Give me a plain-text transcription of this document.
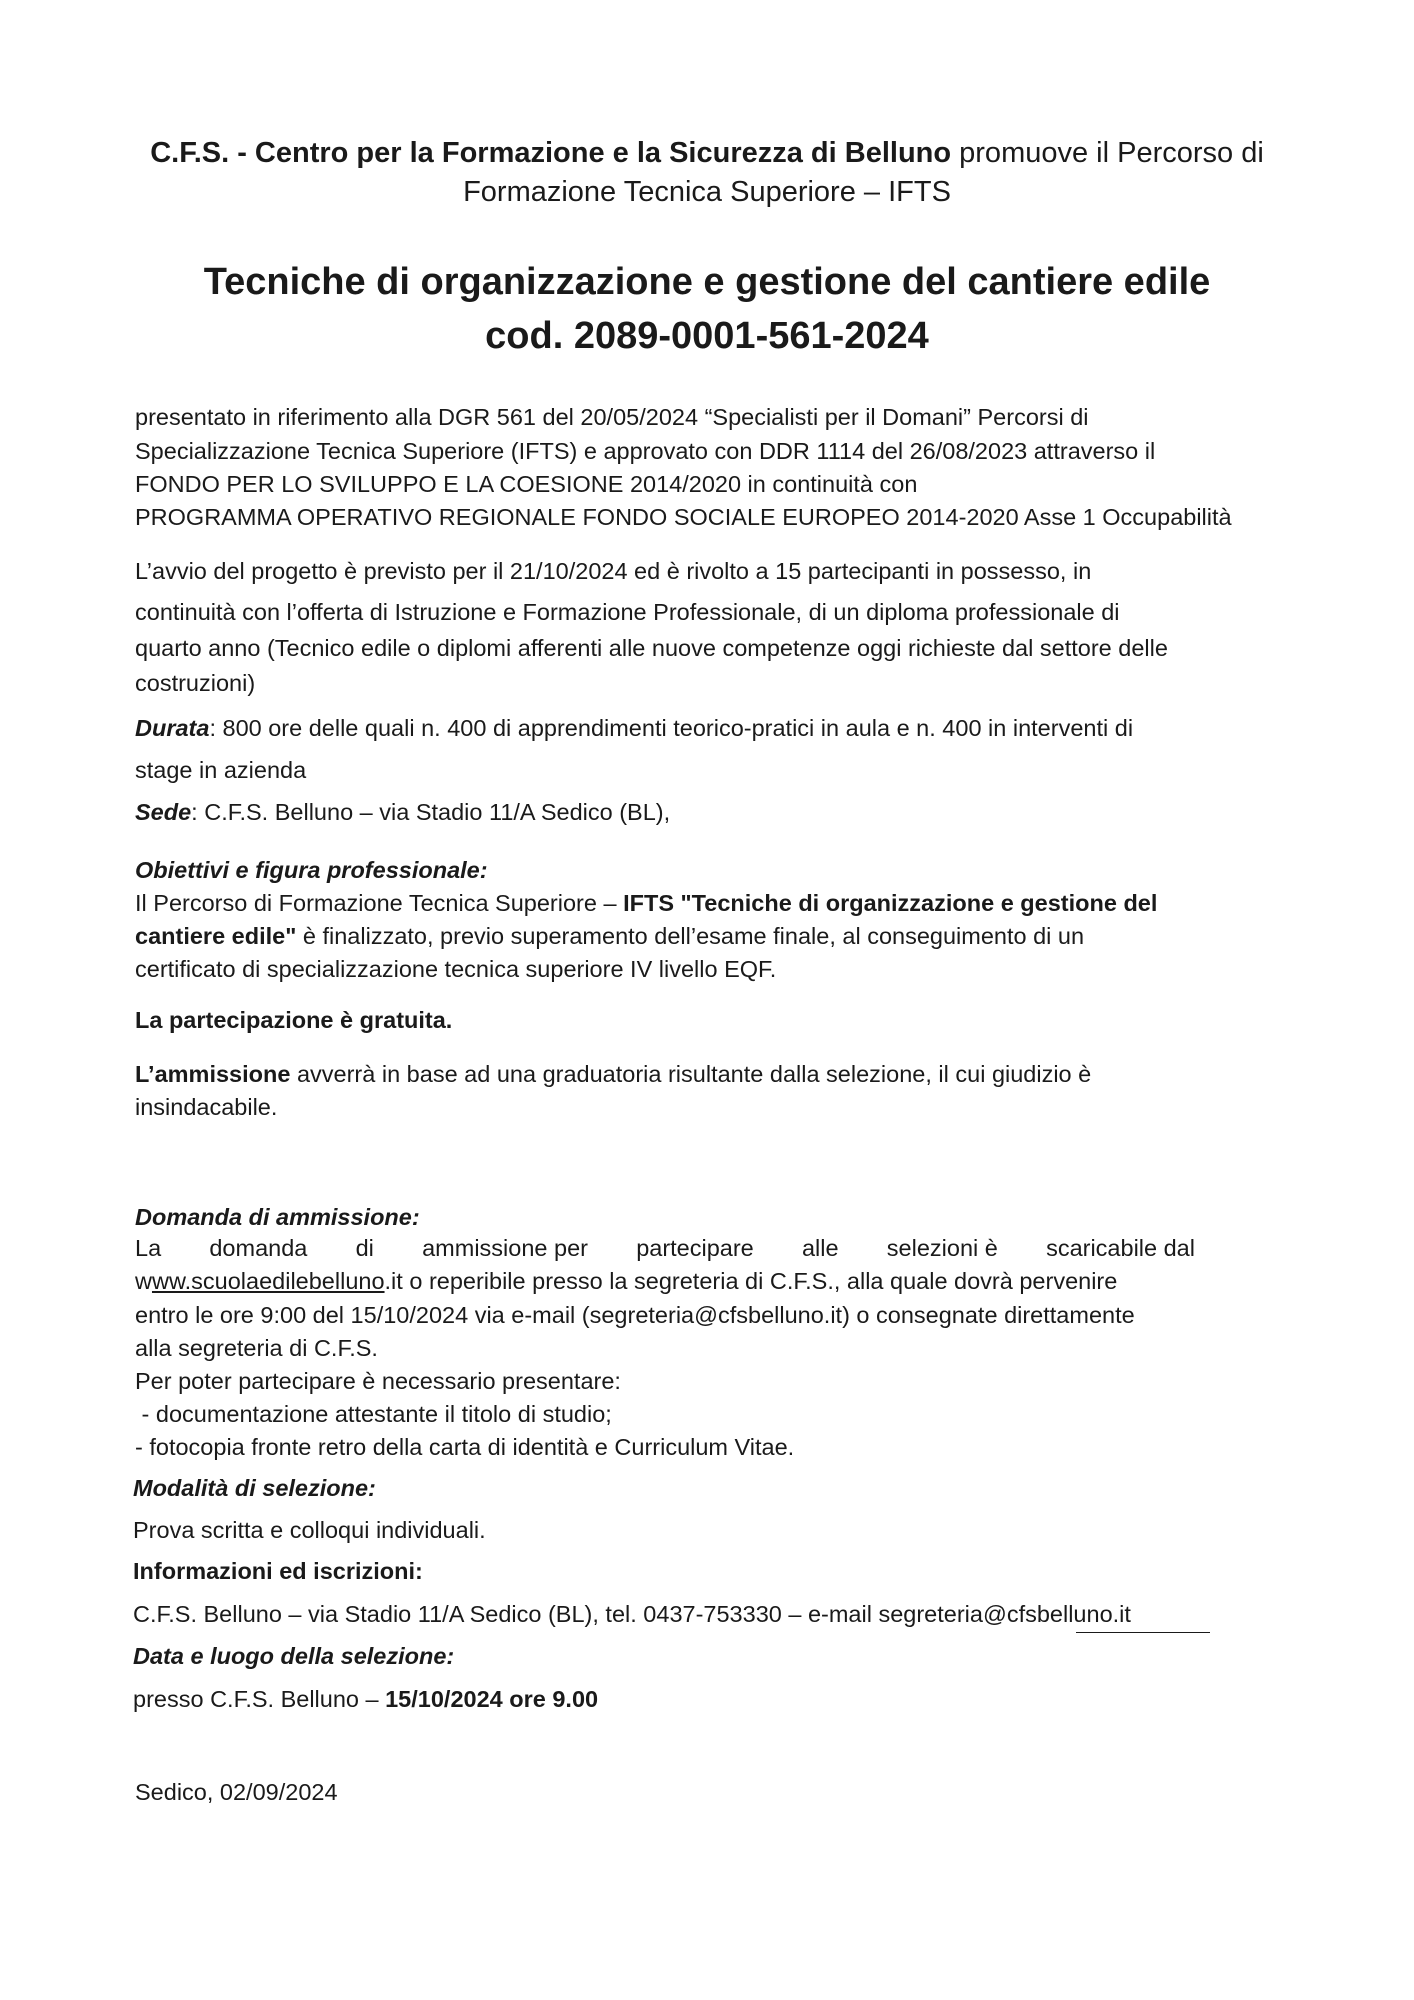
C.F.S. - Centro per la Formazione e la Sicurezza di Belluno promuove il Percorso di
Formazione Tecnica Superiore – IFTS
Tecniche di organizzazione e gestione del cantiere edile
cod. 2089-0001-561-2024
presentato in riferimento alla DGR 561 del 20/05/2024 “Specialisti per il Domani” Percorsi di
Specializzazione Tecnica Superiore (IFTS) e approvato con DDR 1114 del 26/08/2023 attraverso il
FONDO PER LO SVILUPPO E LA COESIONE 2014/2020 in continuità con
PROGRAMMA OPERATIVO REGIONALE FONDO SOCIALE EUROPEO 2014-2020 Asse 1 Occupabilità
L’avvio del progetto è previsto per il 21/10/2024 ed è rivolto a 15 partecipanti in possesso, in
continuità con l’offerta di Istruzione e Formazione Professionale, di un diploma professionale di
quarto anno (Tecnico edile o diplomi afferenti alle nuove competenze oggi richieste dal settore delle
costruzioni)
Durata: 800 ore delle quali n. 400 di apprendimenti teorico-pratici in aula e n. 400 in interventi di
stage in azienda
Sede: C.F.S. Belluno – via Stadio 11/A Sedico (BL),
Obiettivi e figura professionale:
Il Percorso di Formazione Tecnica Superiore – IFTS "Tecniche di organizzazione e gestione del
cantiere edile" è finalizzato, previo superamento dell’esame finale, al conseguimento di un
certificato di specializzazione tecnica superiore IV livello EQF.
La partecipazione è gratuita.
L’ammissione avverrà in base ad una graduatoria risultante dalla selezione, il cui giudizio è
insindacabile.
Domanda di ammissione:
La domanda di ammissione per partecipare alle selezioni è scaricabile dal
www.scuolaedilebelluno.it o reperibile presso la segreteria di C.F.S., alla quale dovrà pervenire
entro le ore 9:00 del 15/10/2024 via e-mail (segreteria@cfsbelluno.it) o consegnate direttamente
alla segreteria di C.F.S.
Per poter partecipare è necessario presentare:
- documentazione attestante il titolo di studio;
- fotocopia fronte retro della carta di identità e Curriculum Vitae.
Modalità di selezione:
Prova scritta e colloqui individuali.
Informazioni ed iscrizioni:
C.F.S. Belluno – via Stadio 11/A Sedico (BL), tel. 0437-753330 – e-mail segreteria@cfsbelluno.it
Data e luogo della selezione:
presso C.F.S. Belluno – 15/10/2024 ore 9.00
Sedico, 02/09/2024
